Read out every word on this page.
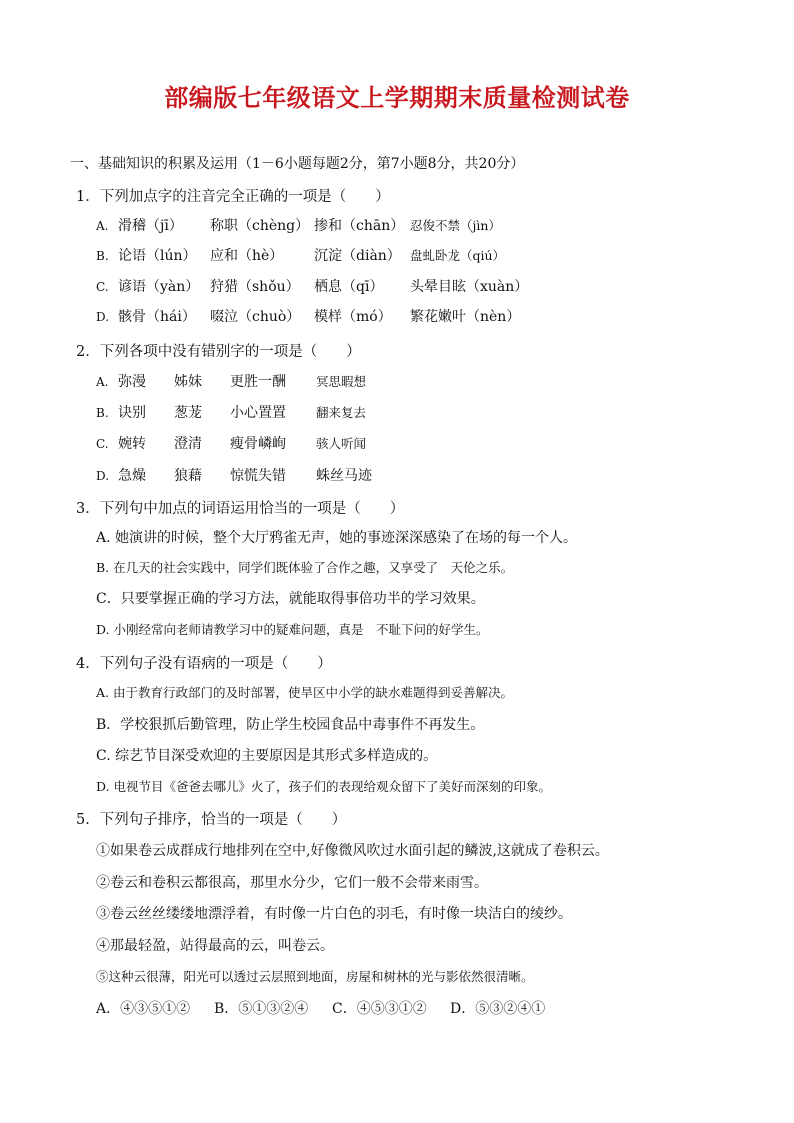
部编版七年级语文上学期期末质量检测试卷
一、基础知识的积累及运用（1－6小题每题2分，第7小题8分，共20分）
1．下列加点字的注音完全正确的一项是（　　）
A. 滑稽（jī） 称职（chèng） 掺和（chān） 忍俊不禁（jìn）
B. 论语（lún） 应和（hè） 沉淀（diàn） 盘虬卧龙（qiú）
C. 谚语（yàn） 狩猎（shǒu） 栖息（qī） 头晕目眩（xuàn）
D. 骸骨（hái） 啜泣（chuò） 模样（mó） 繁花嫩叶（nèn）
2．下列各项中没有错别字的一项是（　　）
A. 弥漫 姊妹 更胜一酬 冥思暇想
B. 诀别 葱茏 小心置置 翻来复去
C. 婉转 澄清 瘦骨嶙峋 骇人听闻
D. 急燥 狼藉 惊慌失错 蛛丝马迹
3．下列句中加点的词语运用恰当的一项是（　　）
A. 她演讲的时候，整个大厅鸦雀无声，她的事迹深深感染了在场的每一个人。
B. 在几天的社会实践中，同学们既体验了合作之趣，又享受了　天伦之乐。
C．只要掌握正确的学习方法，就能取得事倍功半的学习效果。
D. 小刚经常向老师请教学习中的疑难问题，真是　不耻下问的好学生。
4．下列句子没有语病的一项是（　　）
A. 由于教育行政部门的及时部署，使旱区中小学的缺水难题得到妥善解决。
B．学校狠抓后勤管理，防止学生校园食品中毒事件不再发生。
C. 综艺节目深受欢迎的主要原因是其形式多样造成的。
D. 电视节目《爸爸去哪儿》火了，孩子们的表现给观众留下了美好而深刻的印象。
5．下列句子排序，恰当的一项是（　　）
①如果卷云成群成行地排列在空中,好像微风吹过水面引起的鳞波,这就成了卷积云。
②卷云和卷积云都很高，那里水分少，它们一般不会带来雨雪。
③卷云丝丝缕缕地漂浮着，有时像一片白色的羽毛，有时像一块洁白的绫纱。
④那最轻盈，站得最高的云，叫卷云。
⑤这种云很薄，阳光可以透过云层照到地面，房屋和树林的光与影依然很清晰。
A．④③⑤①② B．⑤①③②④ C．④⑤③①② D．⑤③②④①
